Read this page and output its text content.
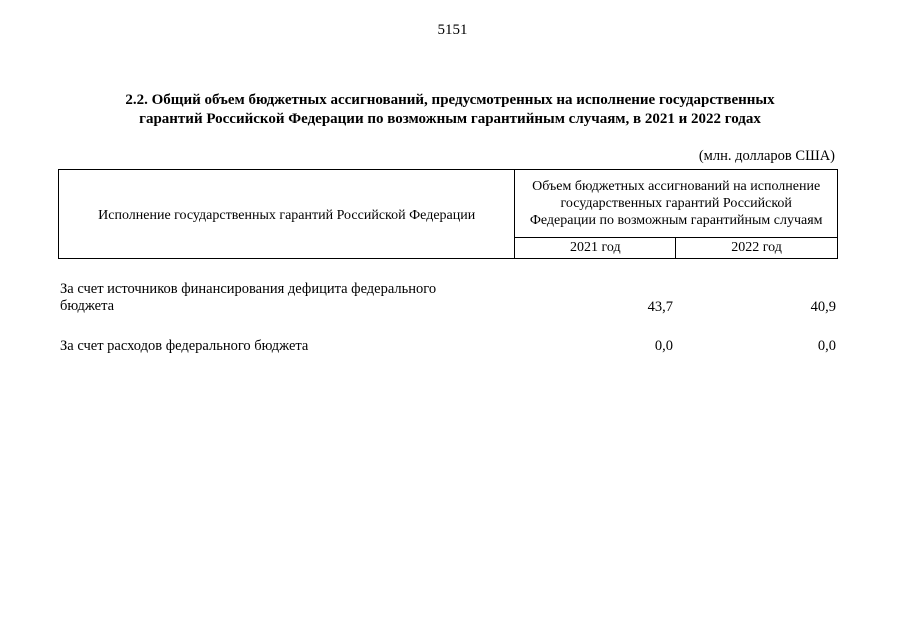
5151
2.2. Общий объем бюджетных ассигнований, предусмотренных на исполнение государственных
гарантий Российской Федерации по возможным гарантийным случаям, в 2021 и 2022 годах
(млн. долларов США)
Исполнение государственных гарантий Российской Федерации	Объем бюджетных ассигнований на исполнение
государственных гарантий Российской
Федерации по возможным гарантийным случаям	

	2021 год	2022 год
За счет источников финансирования дефицита федерального
бюджета	43,7	40,9
За счет расходов федерального бюджета	0,0	0,0
